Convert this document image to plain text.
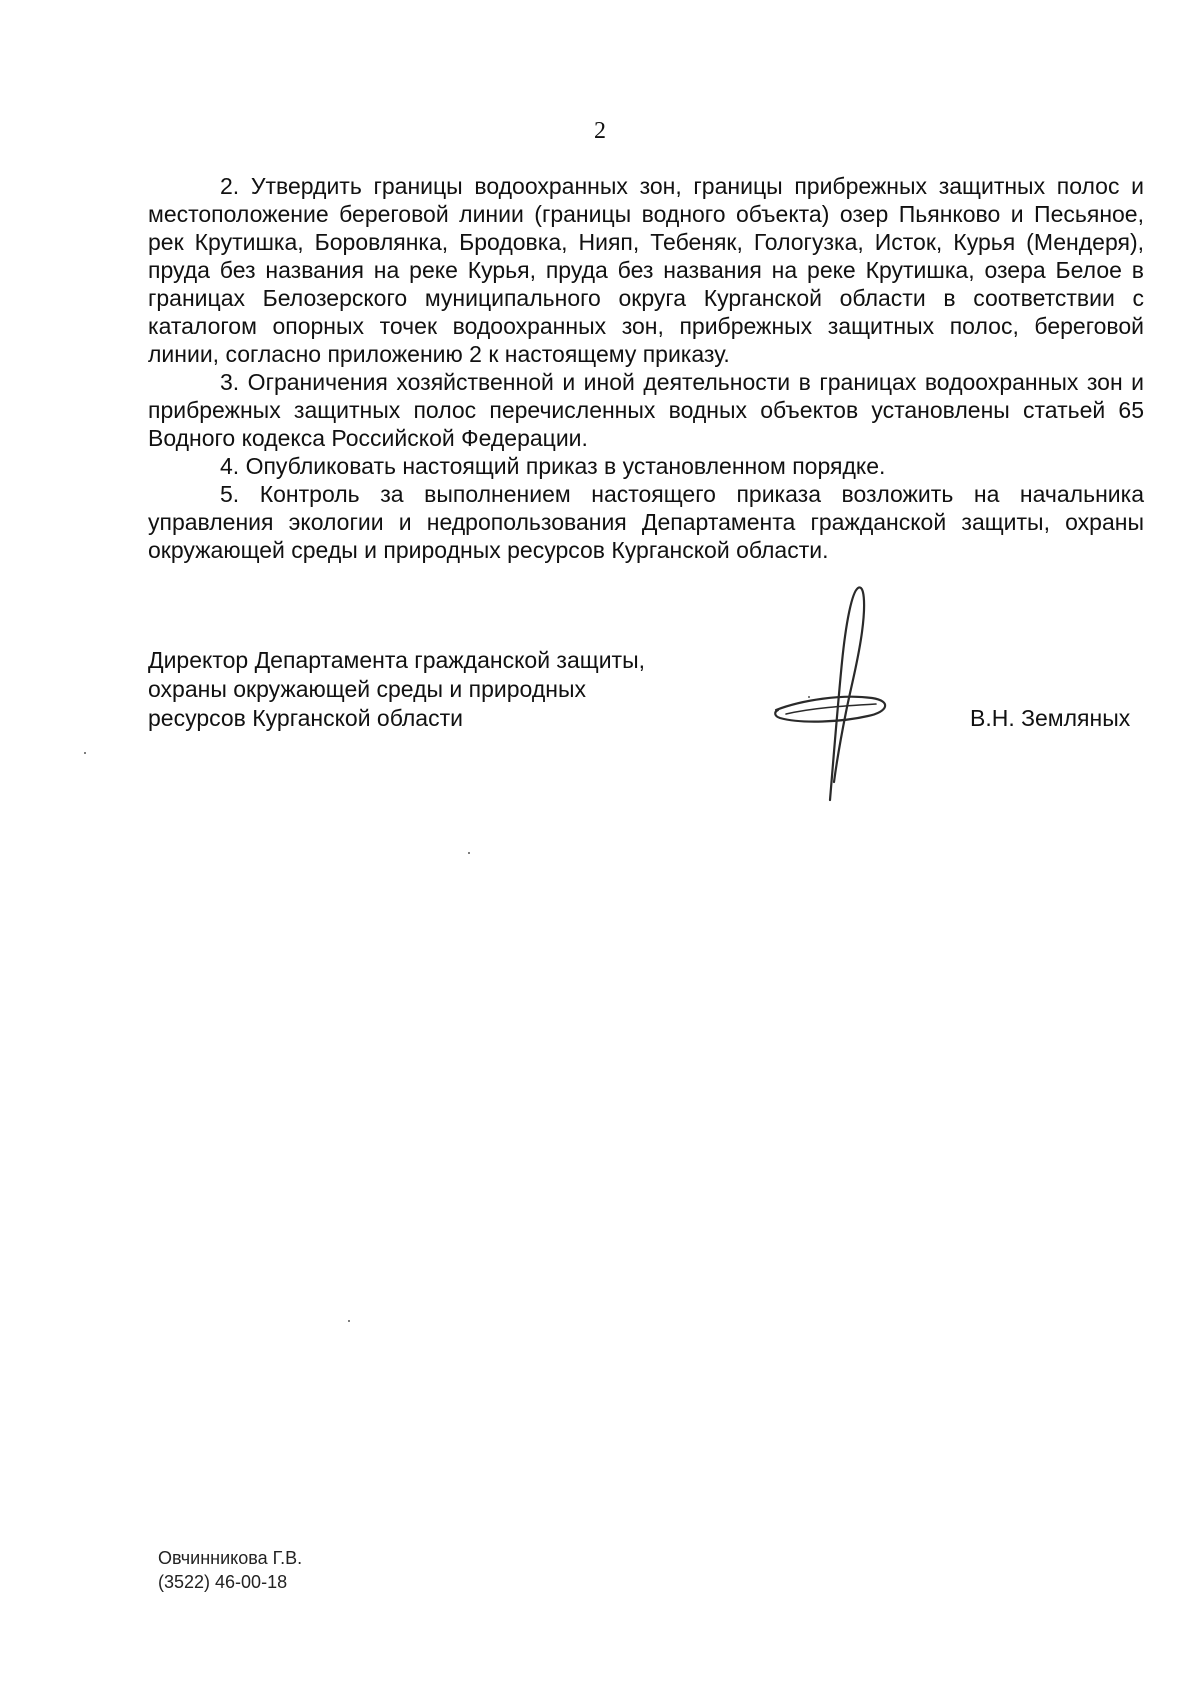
2

2. Утвердить границы водоохранных зон, границы прибрежных защитных полос и местоположение береговой линии (границы водного объекта) озер Пьянково и Песьяное, рек Крутишка, Боровлянка, Бродовка, Нияп, Тебеняк, Гологузка, Исток, Курья (Мендеря), пруда без названия на реке Курья, пруда без названия на реке Крутишка, озера Белое в границах Белозерского муниципального округа Курганской области в соответствии с каталогом опорных точек водоохранных зон, прибрежных защитных полос, береговой линии, согласно приложению 2 к настоящему приказу.

3. Ограничения хозяйственной и иной деятельности в границах водоохранных зон и прибрежных защитных полос перечисленных водных объектов установлены статьей 65 Водного кодекса Российской Федерации.

4. Опубликовать настоящий приказ в установленном порядке.

5. Контроль за выполнением настоящего приказа возложить на начальника управления экологии и недропользования Департамента гражданской защиты, охраны окружающей среды и природных ресурсов Курганской области.

Директор Департамента гражданской защиты,
охраны окружающей среды и природных
ресурсов Курганской области	В.Н. Земляных
Овчинникова Г.В.
(3522) 46-00-18
